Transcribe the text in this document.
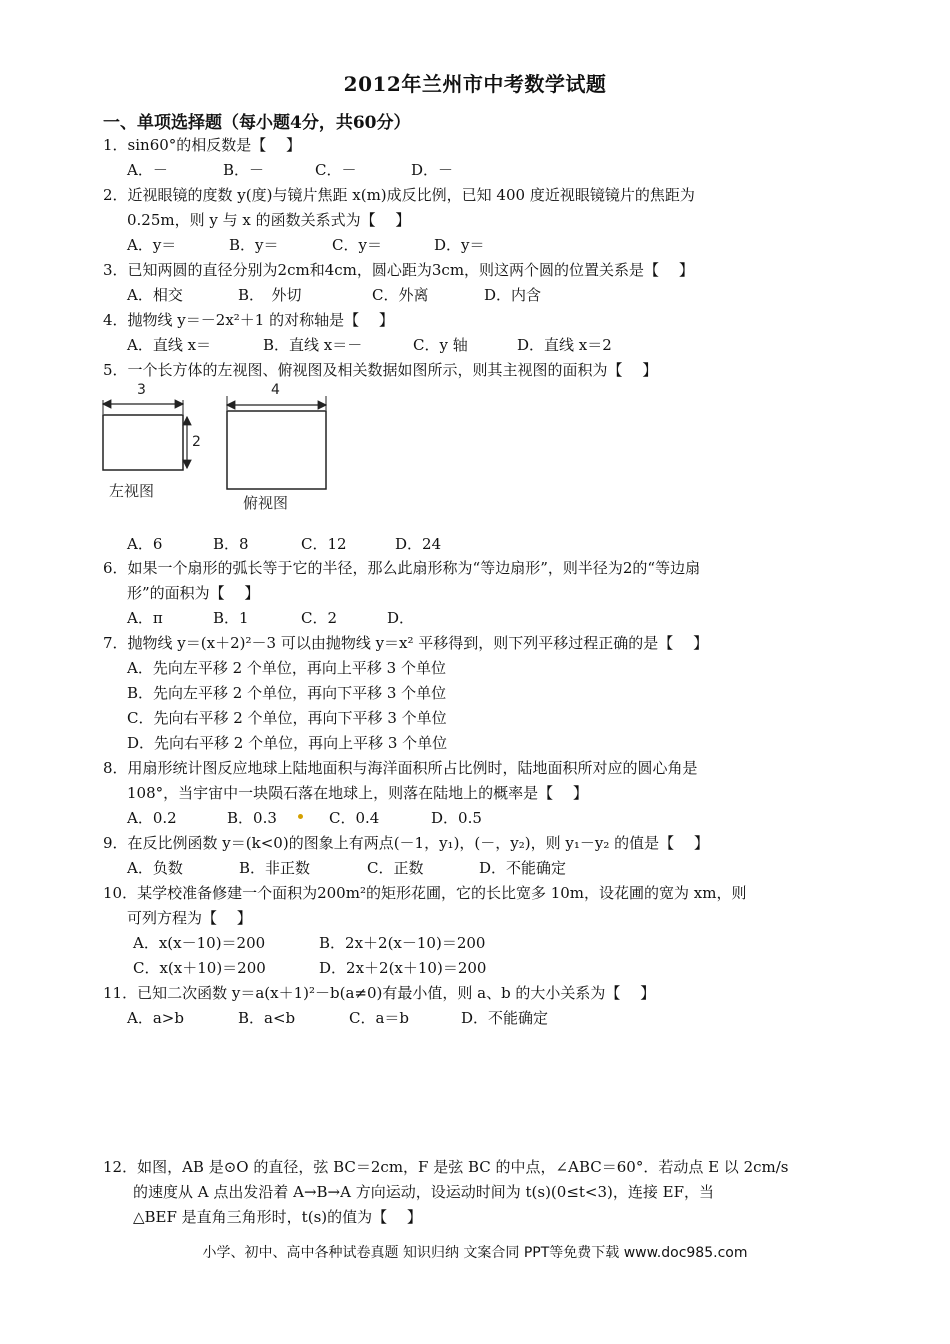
2012年兰州市中考数学试题
一、单项选择题（每小题4分，共60分）
1．sin60°的相反数是【　 】
A．－	B．－	C．－	D．－
2．近视眼镜的度数 y(度)与镜片焦距 x(m)成反比例，已知 400 度近视眼镜镜片的焦距为
0.25m，则 y 与 x 的函数关系式为【　 】
A．y＝	B．y＝	C．y＝	D．y＝
3．已知两圆的直径分别为2cm和4cm，圆心距为3cm，则这两个圆的位置关系是【　 】
A．相交	B．　外切	C．外离	D．内含
4．抛物线 y＝－2x²＋1 的对称轴是【　 】
A．直线 x＝	B．直线 x＝－	C．y 轴	D．直线 x＝2
5．一个长方体的左视图、俯视图及相关数据如图所示，则其主视图的面积为【　 】
3
2
左视图
4
俯视图
A．6	B．8	C．12	D．24
6．如果一个扇形的弧长等于它的半径，那么此扇形称为“等边扇形”，则半径为2的“等边扇
形”的面积为【　 】
A．π	B．1	C．2	D．
7．抛物线 y＝(x＋2)²－3 可以由抛物线 y＝x² 平移得到，则下列平移过程正确的是【　 】
A．先向左平移 2 个单位，再向上平移 3 个单位
B．先向左平移 2 个单位，再向下平移 3 个单位
C．先向右平移 2 个单位，再向下平移 3 个单位
D．先向右平移 2 个单位，再向上平移 3 个单位
8．用扇形统计图反应地球上陆地面积与海洋面积所占比例时，陆地面积所对应的圆心角是
108°，当宇宙中一块陨石落在地球上，则落在陆地上的概率是【　 】
A．0.2	B．0.3	C．0.4	D．0.5
9．在反比例函数 y＝(k<0)的图象上有两点(－1，y₁)，(－，y₂)，则 y₁－y₂ 的值是【　 】
A．负数	B．非正数	C．正数	D．不能确定
10．某学校准备修建一个面积为200m²的矩形花圃，它的长比宽多 10m，设花圃的宽为 xm，则
可列方程为【　 】
A．x(x－10)＝200	B．2x＋2(x－10)＝200
C．x(x＋10)＝200	D．2x＋2(x＋10)＝200
11．已知二次函数 y＝a(x＋1)²－b(a≠0)有最小值，则 a、b 的大小关系为【　 】
A．a>b	B．a<b	C．a＝b	D．不能确定
12．如图，AB 是⊙O 的直径，弦 BC＝2cm，F 是弦 BC 的中点，∠ABC＝60°．若动点 E 以 2cm/s
的速度从 A 点出发沿着 A→B→A 方向运动，设运动时间为 t(s)(0≤t<3)，连接 EF，当
△BEF 是直角三角形时，t(s)的值为【　 】
小学、初中、高中各种试卷真题 知识归纳 文案合同 PPT等免费下载 www.doc985.com
